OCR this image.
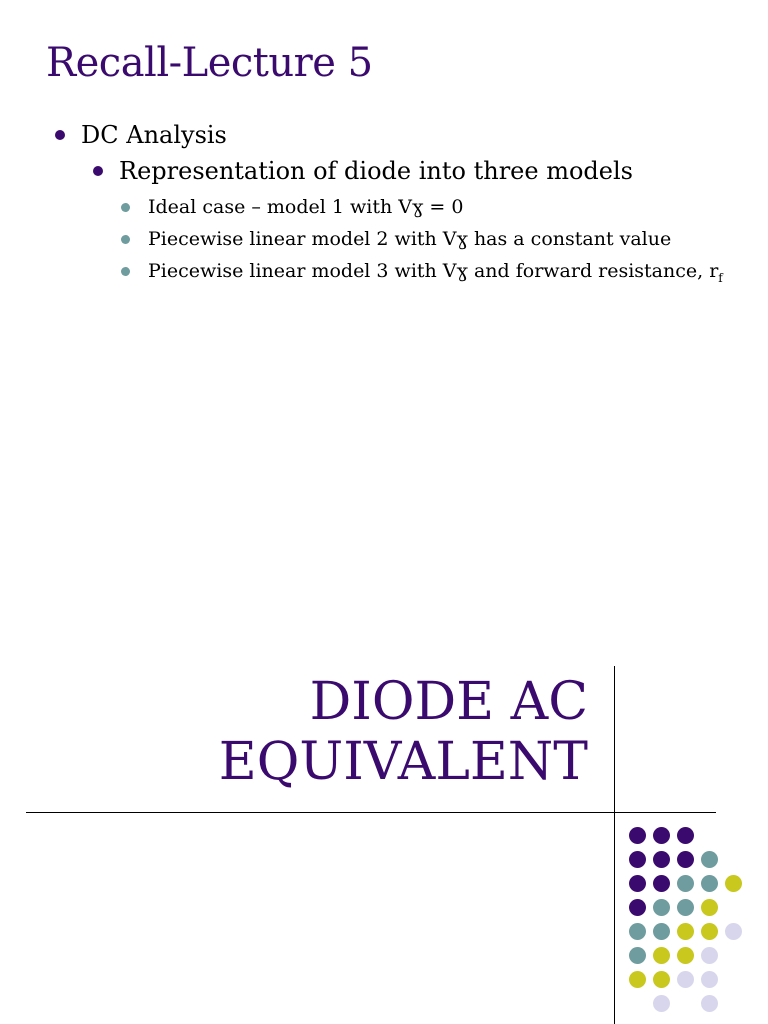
Recall-Lecture 5
DC Analysis
Representation of diode into three models
Ideal case – model 1 with Vɣ = 0
Piecewise linear model 2 with Vɣ has a constant value
Piecewise linear model 3 with Vɣ and forward resistance, $r_f$
DIODE AC
EQUIVALENT
